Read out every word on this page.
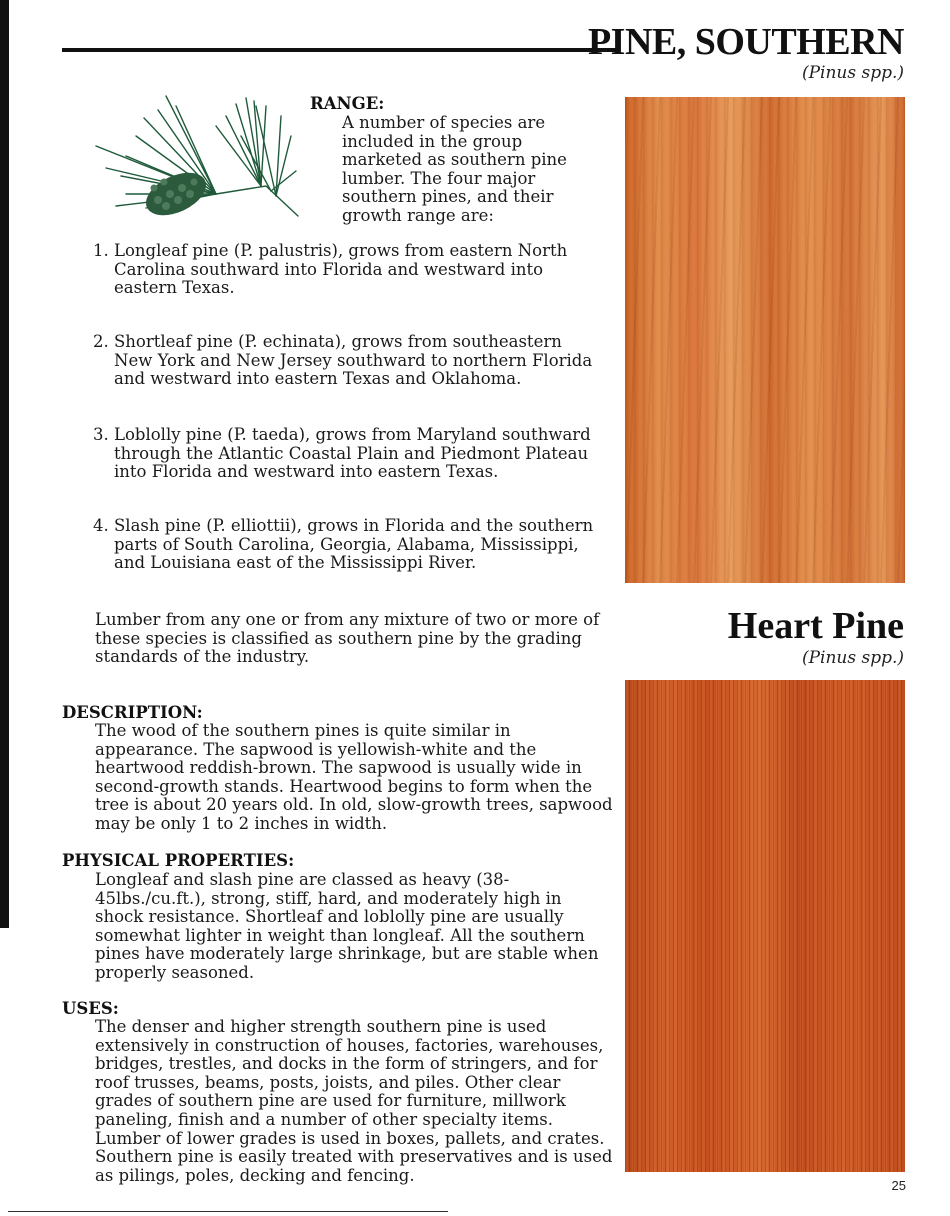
PINE, SOUTHERN
(Pinus spp.)
Heart Pine
(Pinus spp.)
RANGE:

A number of species are included in the group marketed as southern pine lumber. The four major southern pines, and their growth range are:

1. Longleaf pine (P. palustris), grows from eastern North Carolina southward into Florida and westward into eastern Texas.
2. Shortleaf pine (P. echinata), grows from southeastern New York and New Jersey southward to northern Florida and westward into eastern Texas and Oklahoma.
3. Loblolly pine (P. taeda), grows from Maryland southward through the Atlantic Coastal Plain and Piedmont Plateau into Florida and westward into eastern Texas.
4. Slash pine (P. elliottii), grows in Florida and the southern parts of South Carolina, Georgia, Alabama, Mississippi, and Louisiana east of the Mississippi River.

Lumber from any one or from any mixture of two or more of these species is classified as southern pine by the grading standards of the industry.

DESCRIPTION:

The wood of the southern pines is quite similar in appearance. The sapwood is yellowish-white and the heartwood reddish-brown. The sapwood is usually wide in second-growth stands. Heartwood begins to form when the tree is about 20 years old. In old, slow-growth trees, sapwood may be only 1 to 2 inches in width.

PHYSICAL PROPERTIES:

Longleaf and slash pine are classed as heavy (38-45lbs./cu.ft.), strong, stiff, hard, and moderately high in shock resistance. Shortleaf and loblolly pine are usually somewhat lighter in weight than longleaf. All the southern pines have moderately large shrinkage, but are stable when properly seasoned.

USES:

The denser and higher strength southern pine is used extensively in construction of houses, factories, warehouses, bridges, trestles, and docks in the form of stringers, and for roof trusses, beams, posts, joists, and piles. Other clear grades of southern pine are used for furniture, millwork paneling, finish and a number of other specialty items. Lumber of lower grades is used in boxes, pallets, and crates. Southern pine is easily treated with preservatives and is used as pilings, poles, decking and fencing.

25
